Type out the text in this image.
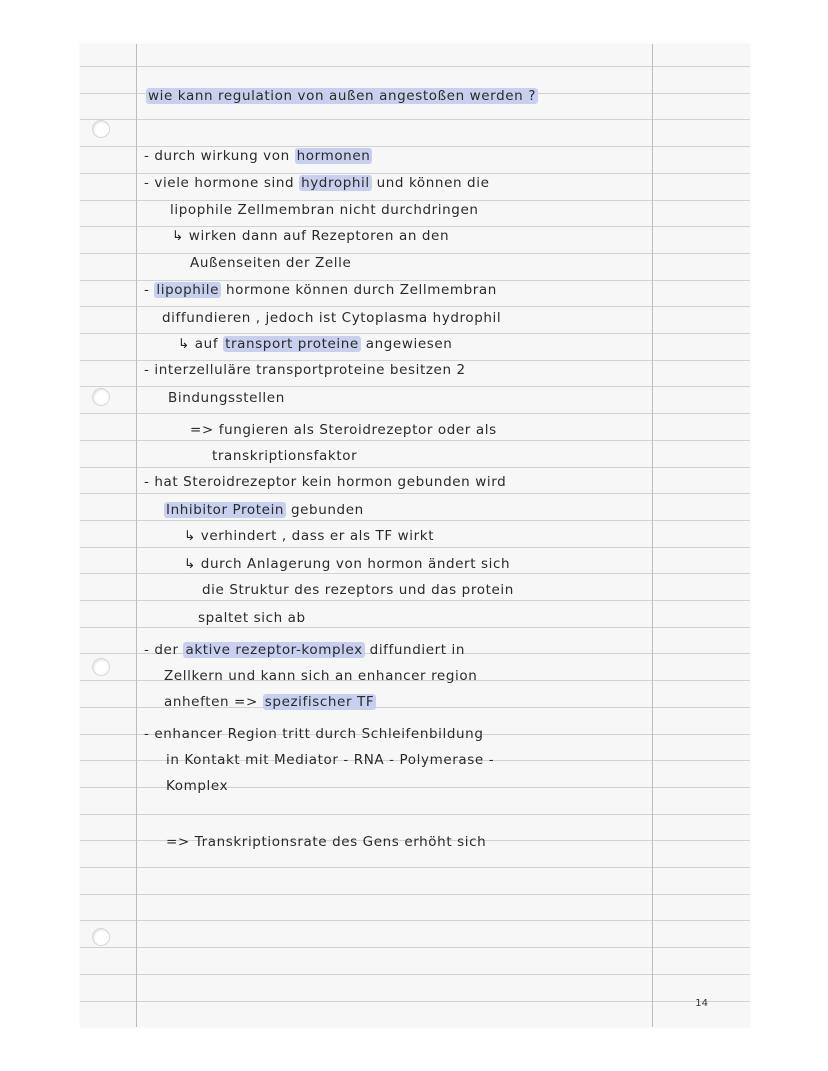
wie kann regulation von außen angestoßen werden ?
- durch wirkung von hormonen
- viele hormone sind hydrophil und können die
lipophile Zellmembran nicht durchdringen
↳ wirken dann auf Rezeptoren an den
Außenseiten der Zelle
- lipophile hormone können durch Zellmembran
diffundieren , jedoch ist Cytoplasma hydrophil
↳ auf transport proteine angewiesen
- interzelluläre transportproteine besitzen 2
Bindungsstellen
=> fungieren als Steroidrezeptor oder als
transkriptionsfaktor
- hat Steroidrezeptor kein hormon gebunden wird
Inhibitor Protein gebunden
↳ verhindert , dass er als TF wirkt
↳ durch Anlagerung von hormon ändert sich
die Struktur des rezeptors und das protein
spaltet sich ab
- der aktive rezeptor-komplex diffundiert in
Zellkern und kann sich an enhancer region
anheften => spezifischer TF
- enhancer Region tritt durch Schleifenbildung
in Kontakt mit Mediator - RNA - Polymerase -
Komplex
=> Transkriptionsrate des Gens erhöht sich
14
